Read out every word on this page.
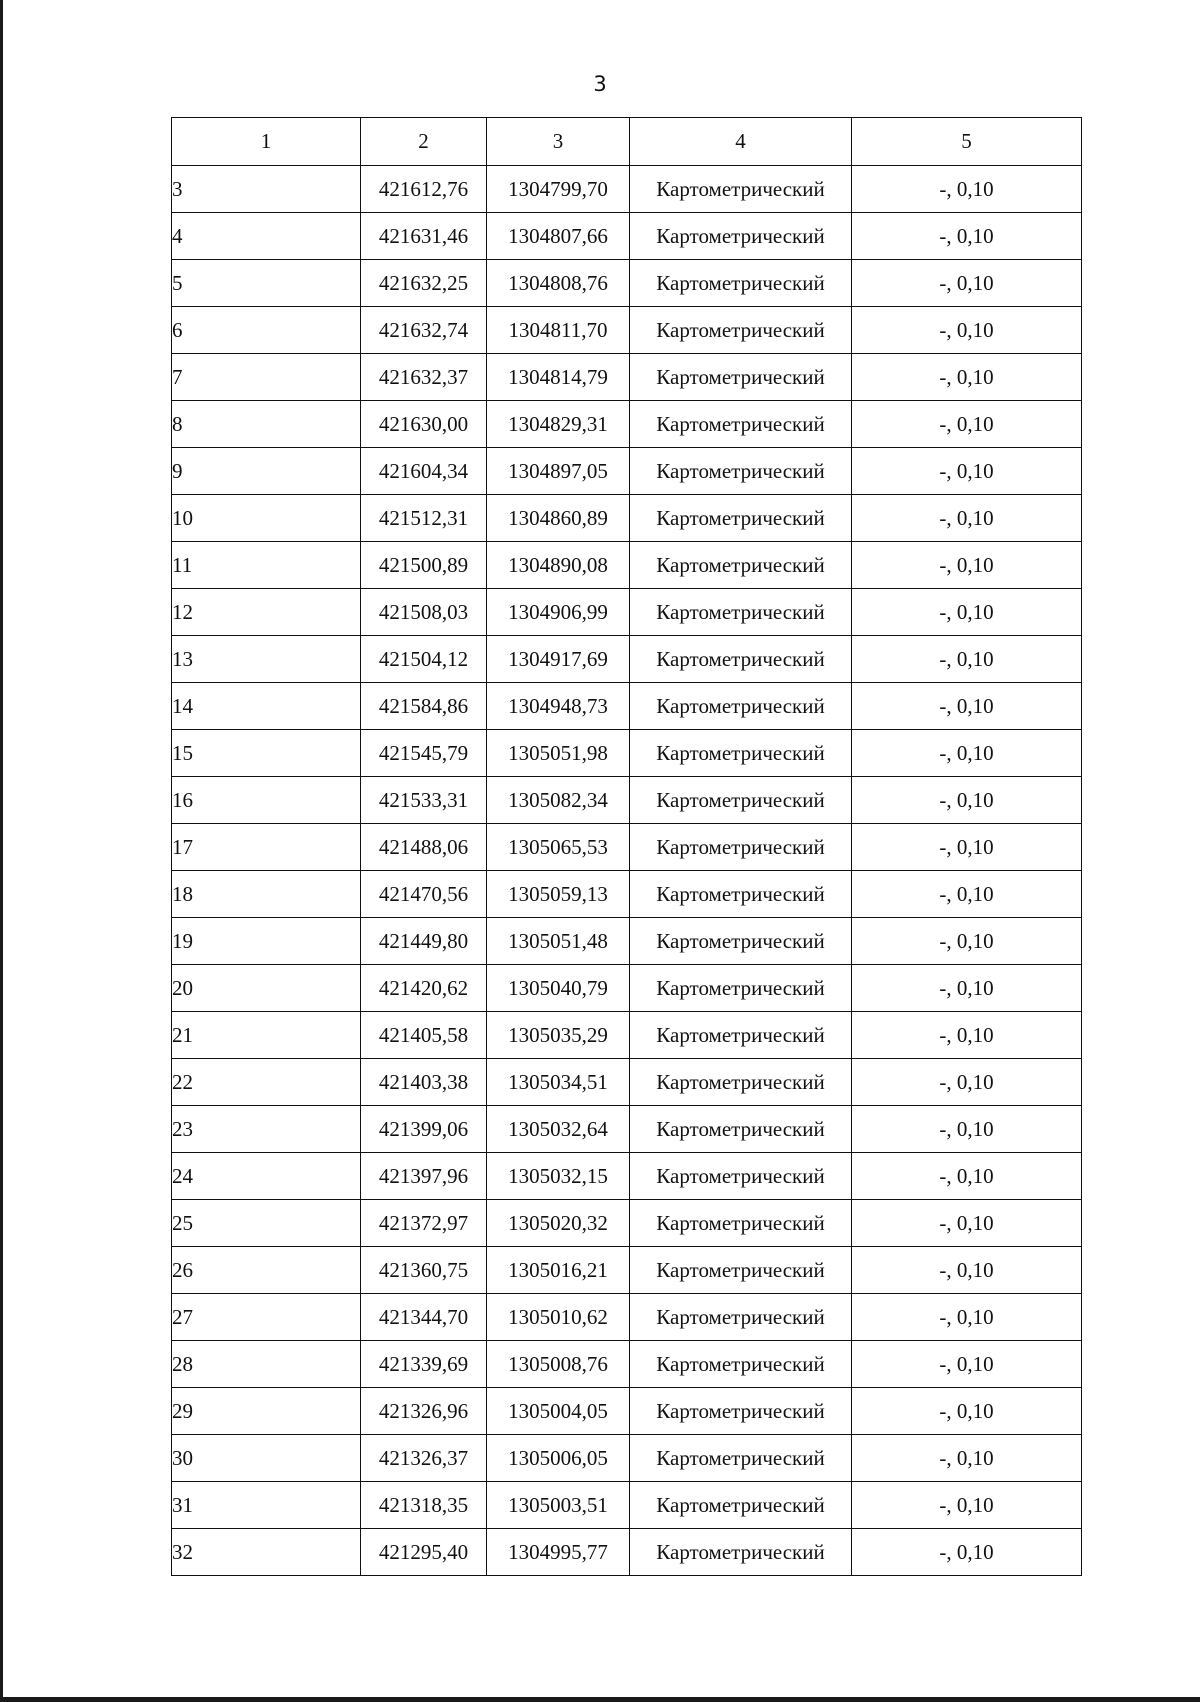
3
1	2	3	4	5
3	421612,76	1304799,70	Картометрический	-, 0,10
4	421631,46	1304807,66	Картометрический	-, 0,10
5	421632,25	1304808,76	Картометрический	-, 0,10
6	421632,74	1304811,70	Картометрический	-, 0,10
7	421632,37	1304814,79	Картометрический	-, 0,10
8	421630,00	1304829,31	Картометрический	-, 0,10
9	421604,34	1304897,05	Картометрический	-, 0,10
10	421512,31	1304860,89	Картометрический	-, 0,10
11	421500,89	1304890,08	Картометрический	-, 0,10
12	421508,03	1304906,99	Картометрический	-, 0,10
13	421504,12	1304917,69	Картометрический	-, 0,10
14	421584,86	1304948,73	Картометрический	-, 0,10
15	421545,79	1305051,98	Картометрический	-, 0,10
16	421533,31	1305082,34	Картометрический	-, 0,10
17	421488,06	1305065,53	Картометрический	-, 0,10
18	421470,56	1305059,13	Картометрический	-, 0,10
19	421449,80	1305051,48	Картометрический	-, 0,10
20	421420,62	1305040,79	Картометрический	-, 0,10
21	421405,58	1305035,29	Картометрический	-, 0,10
22	421403,38	1305034,51	Картометрический	-, 0,10
23	421399,06	1305032,64	Картометрический	-, 0,10
24	421397,96	1305032,15	Картометрический	-, 0,10
25	421372,97	1305020,32	Картометрический	-, 0,10
26	421360,75	1305016,21	Картометрический	-, 0,10
27	421344,70	1305010,62	Картометрический	-, 0,10
28	421339,69	1305008,76	Картометрический	-, 0,10
29	421326,96	1305004,05	Картометрический	-, 0,10
30	421326,37	1305006,05	Картометрический	-, 0,10
31	421318,35	1305003,51	Картометрический	-, 0,10
32	421295,40	1304995,77	Картометрический	-, 0,10
